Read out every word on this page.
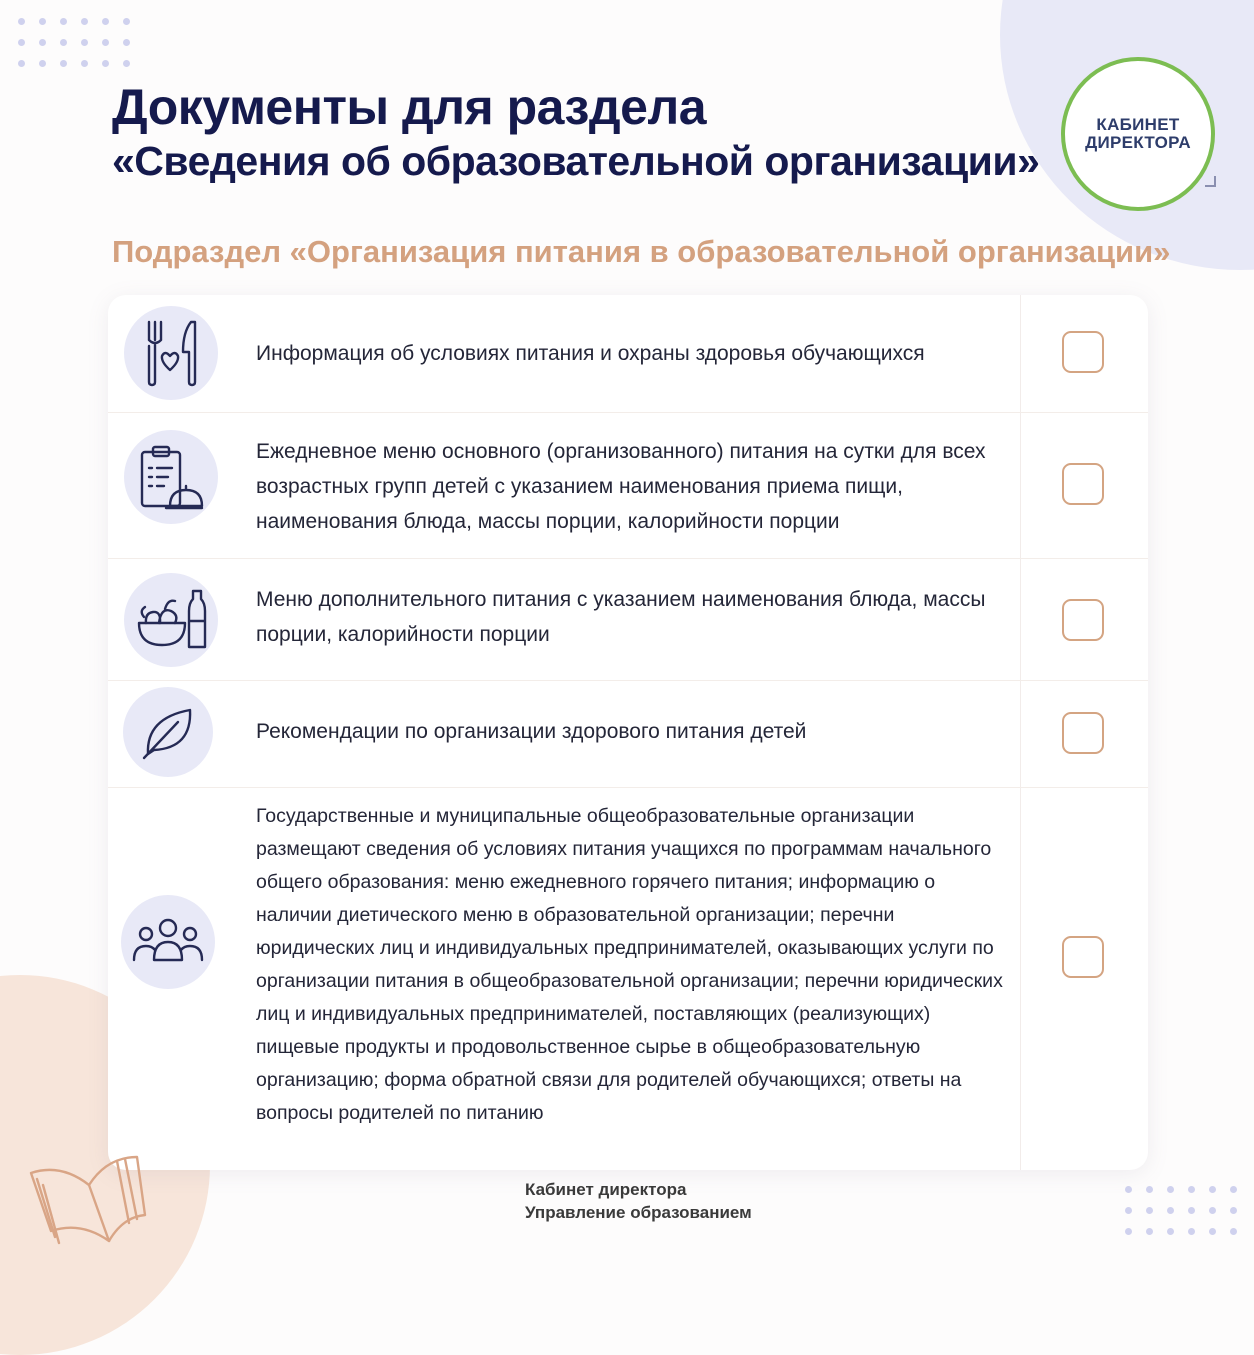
Документы для раздела
«Сведения об образовательной организации»
КАБИНЕТ
ДИРЕКТОРА
Подраздел «Организация питания в образовательной организации»

Информация об условиях питания и охраны здоровья обучающихся

Ежедневное меню основного (организованного) питания на сутки для всех возрастных групп детей с указанием наименования приема пищи, наименования блюда, массы порции, калорийности порции

Меню дополнительного питания с указанием наименования блюда, массы порции, калорийности порции

Рекомендации по организации здорового питания детей

Государственные и муниципальные общеобразовательные организации размещают сведения об условиях питания учащихся по программам начального общего образования: меню ежедневного горячего питания; информацию о наличии диетического меню в образовательной организации; перечни юридических лиц и индивидуальных предпринимателей, оказывающих услуги по организации питания в общеобразовательной организации; перечни юридических лиц и индивидуальных предпринимателей, поставляющих (реализующих) пищевые продукты и продовольственное сырье в общеобразовательную организацию; форма обратной связи для родителей обучающихся; ответы на вопросы родителей по питанию

Кабинет директора

Управление образованием
